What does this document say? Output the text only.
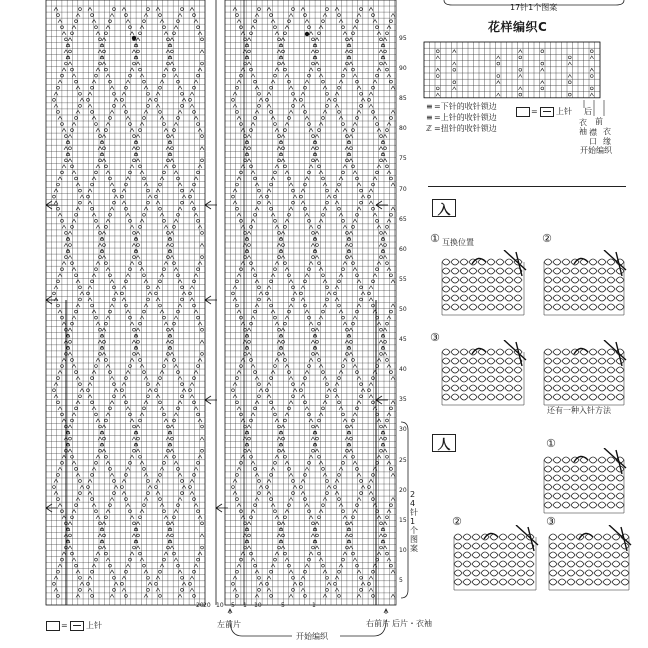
95
90
85
80
75
70
65
60
55
50
45
40
35
30
25
20
15
10
5
20	10	5	1
20 10 5 1
24针1个图案
= 上针	左前片	右前片 后片・衣袖
开始编织
17针1个图案
花样编织C
≡ =下针的收针锁边
≡ =上针的收针锁边
ℤ =扭针的收针锁边
= 上针 后
衣袖
前
襟口
衣
缘
开始编织
入
① 互换位置	②
③
还有一种入针方法
人	①
②	③
